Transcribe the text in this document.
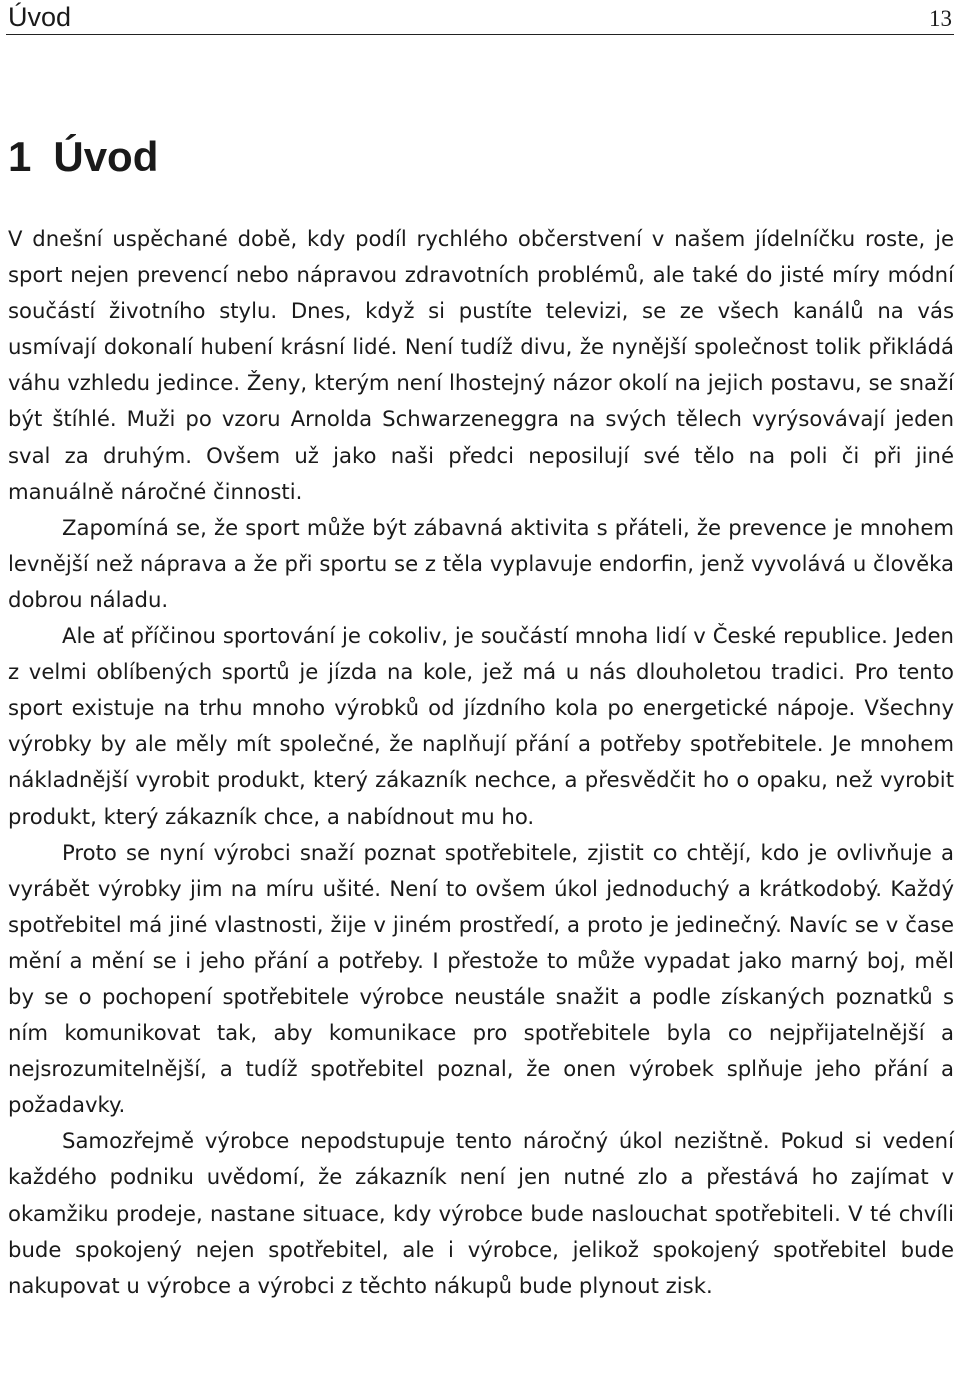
Úvod	13
1 Úvod

V dnešní uspěchané době, kdy podíl rychlého občerstvení v našem jídelníčku roste, je sport nejen prevencí nebo nápravou zdravotních problémů, ale také do jisté míry módní součástí životního stylu. Dnes, když si pustíte televizi, se ze všech kanálů na vás usmívají dokonalí hubení krásní lidé. Není tudíž divu, že nynější společnost tolik přikládá váhu vzhledu jedince. Ženy, kterým není lhostejný názor okolí na jejich postavu, se snaží být štíhlé. Muži po vzoru Arnolda Schwarzeneggra na svých tělech vyrýsovávají jeden sval za druhým. Ovšem už jako naši předci neposilují své tělo na poli či při jiné manuálně náročné činnosti.

Zapomíná se, že sport může být zábavná aktivita s přáteli, že prevence je mnohem levnější než náprava a že při sportu se z těla vyplavuje endorfin, jenž vyvolává u člověka dobrou náladu.

Ale ať příčinou sportování je cokoliv, je součástí mnoha lidí v České republice. Jeden z velmi oblíbených sportů je jízda na kole, jež má u nás dlouholetou tradici. Pro tento sport existuje na trhu mnoho výrobků od jízdního kola po energetické nápoje. Všechny výrobky by ale měly mít společné, že naplňují přání a potřeby spotřebitele. Je mnohem nákladnější vyrobit produkt, který zákazník nechce, a přesvědčit ho o opaku, než vyrobit produkt, který zákazník chce, a nabídnout mu ho.

Proto se nyní výrobci snaží poznat spotřebitele, zjistit co chtějí, kdo je ovlivňuje a vyrábět výrobky jim na míru ušité. Není to ovšem úkol jednoduchý a krátkodobý. Každý spotřebitel má jiné vlastnosti, žije v jiném prostředí, a proto je jedinečný. Navíc se v čase mění a mění se i jeho přání a potřeby. I přestože to může vypadat jako marný boj, měl by se o pochopení spotřebitele výrobce neustále snažit a podle získaných poznatků s ním komunikovat tak, aby komunikace pro spotřebitele byla co nejpřijatelnější a nejsrozumitelnější, a tudíž spotřebitel poznal, že onen výrobek splňuje jeho přání a požadavky.

Samozřejmě výrobce nepodstupuje tento náročný úkol nezištně. Pokud si vedení každého podniku uvědomí, že zákazník není jen nutné zlo a přestává ho zajímat v okamžiku prodeje, nastane situace, kdy výrobce bude naslouchat spotřebiteli. V té chvíli bude spokojený nejen spotřebitel, ale i výrobce, jelikož spokojený spotřebitel bude nakupovat u výrobce a výrobci z těchto nákupů bude plynout zisk.
